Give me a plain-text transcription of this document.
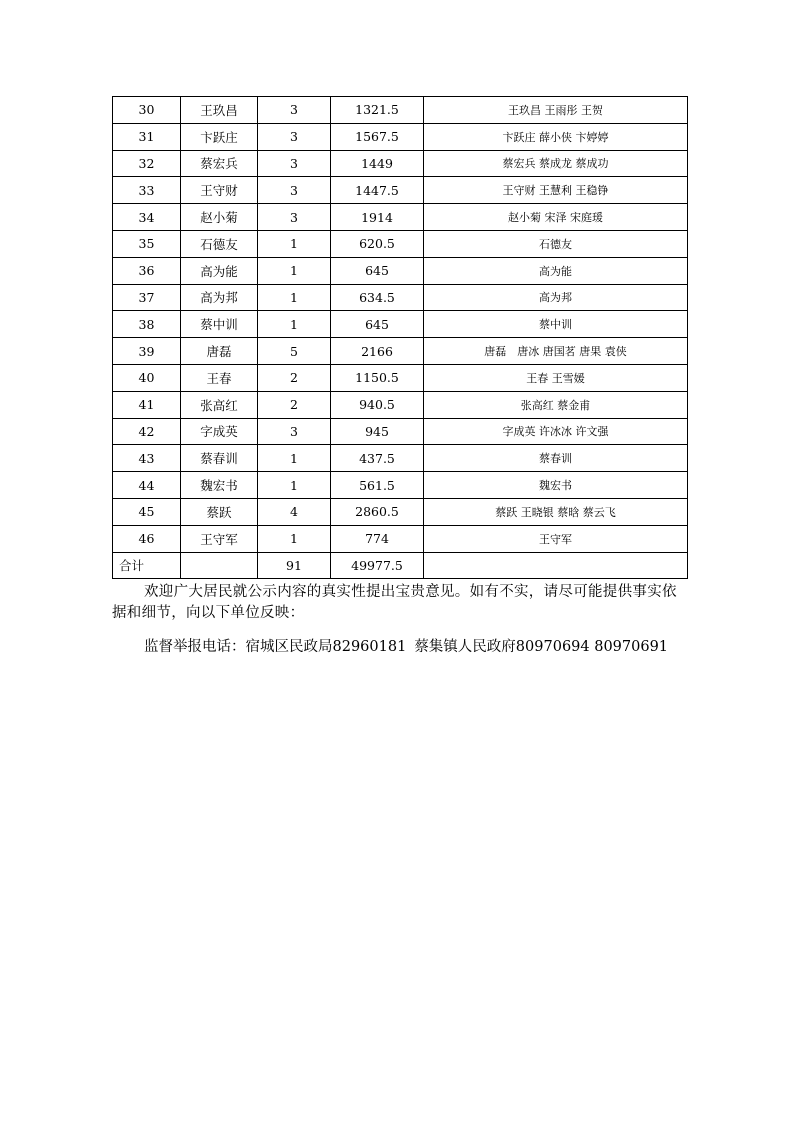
30	王玖昌	3	1321.5	王玖昌 王雨彤 王贺
31	卞跃庄	3	1567.5	卞跃庄 薛小侠 卞婷婷
32	蔡宏兵	3	1449	蔡宏兵 蔡成龙 蔡成功
33	王守财	3	1447.5	王守财 王慧利 王稳铮
34	赵小菊	3	1914	赵小菊 宋泽 宋庭瑗
35	石德友	1	620.5	石德友
36	高为能	1	645	高为能
37	高为邦	1	634.5	高为邦
38	蔡中训	1	645	蔡中训
39	唐磊	5	2166	唐磊　唐冰 唐国茗 唐果 袁侠
40	王春	2	1150.5	王春 王雪媛
41	张高红	2	940.5	张高红 蔡金甫
42	字成英	3	945	字成英 许冰冰 许文强
43	蔡春训	1	437.5	蔡春训
44	魏宏书	1	561.5	魏宏书
45	蔡跃	4	2860.5	蔡跃 王晓银 蔡晗 蔡云飞
46	王守军	1	774	王守军
合计		91	49977.5	
欢迎广大居民就公示内容的真实性提出宝贵意见。如有不实，请尽可能提供事实依据和细节，向以下单位反映：
监督举报电话：宿城区民政局82960181 蔡集镇人民政府80970694 80970691
